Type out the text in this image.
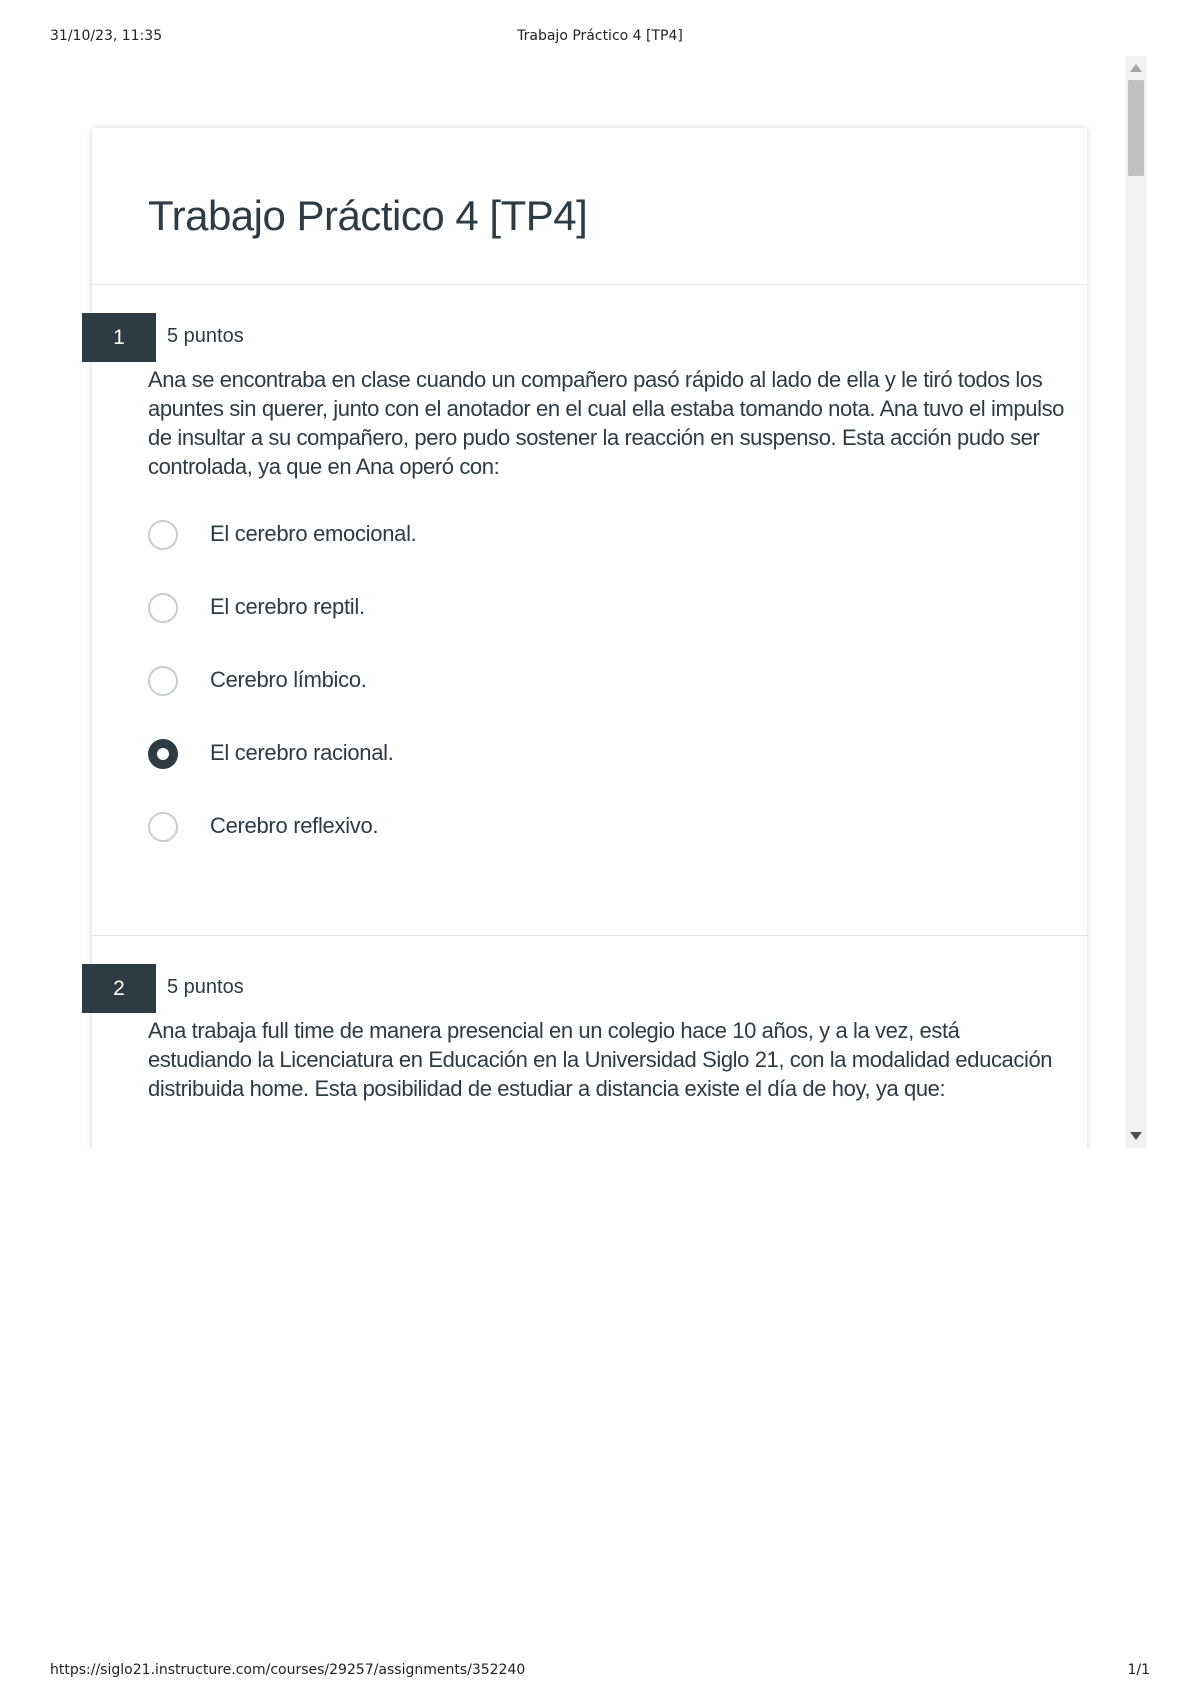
31/10/23, 11:35	Trabajo Práctico 4 [TP4]
Trabajo Práctico 4 [TP4]
1	5 puntos

Ana se encontraba en clase cuando un compañero pasó rápido al lado de ella y le tiró todos los apuntes sin querer, junto con el anotador en el cual ella estaba tomando nota. Ana tuvo el impulso de insultar a su compañero, pero pudo sostener la reacción en suspenso. Esta acción pudo ser controlada, ya que en Ana operó con:

El cerebro emocional.
El cerebro reptil.
Cerebro límbico.
El cerebro racional.
Cerebro reflexivo.
2	5 puntos

Ana trabaja full time de manera presencial en un colegio hace 10 años, y a la vez, está estudiando la Licenciatura en Educación en la Universidad Siglo 21, con la modalidad educación distribuida home. Esta posibilidad de estudiar a distancia existe el día de hoy, ya que:

https://siglo21.instructure.com/courses/29257/assignments/352240	1/1
